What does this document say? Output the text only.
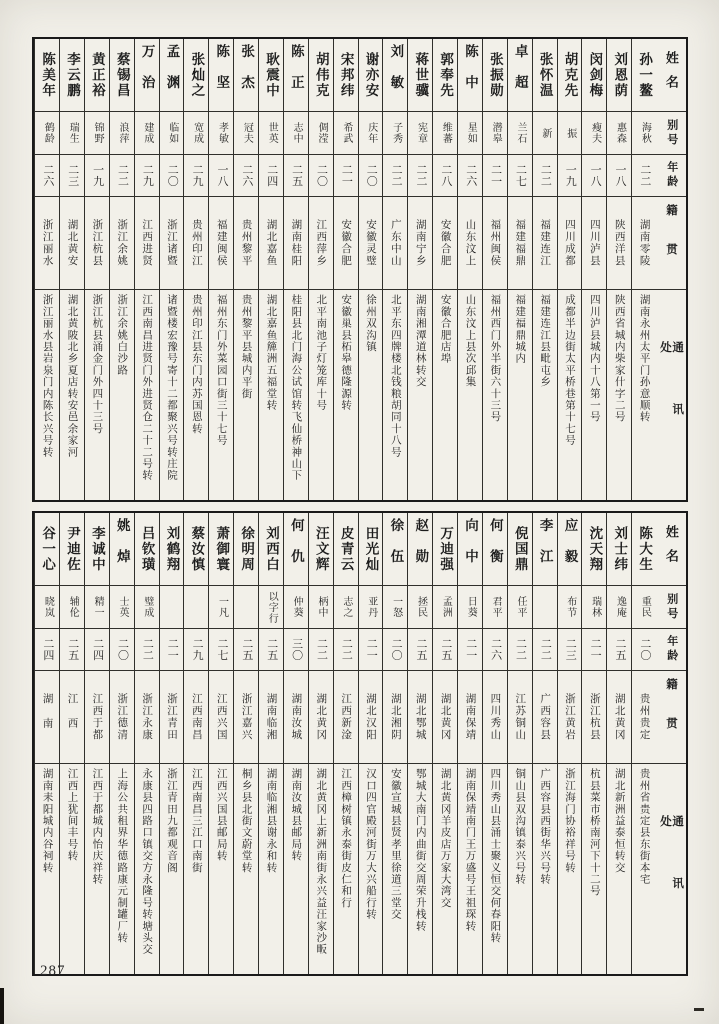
姓名
别号
年龄
籍贯
通讯处
孙一鳌
海秋
二二
湖南零陵
湖南永州太平门孙意顺转
刘恩荫
惠森
一八
陕西洋县
陕西省城内柴家什字二号
闵剑梅
瘦夫
一八
四川泸县
四川泸县城内十八第一号
胡克先
振
一九
四川成都
成都半边街太平桥巷第十七号
张怀温
新
二二
福建连江
福建连江县毗屯乡
卓超
兰石
二七
福建福鼎
福建福鼎城内
张振勋
潜皋
二一
福州闽侯
福州西门外半街六十三号
陈中
星如
二六
山东汶上
山东汶上县次邱集
郭奉先
维蕃
二八
安徽合肥
安徽合肥店埠
蒋世骥
宪章
二二
湖南宁乡
湖南湘潭道林转交
刘敏
子秀
二二
广东中山
北平东四牌楼北钱粮胡同十八号
谢亦安
庆年
二〇
安徽灵璧
徐州双沟镇
宋邦纬
希武
二一
安徽合肥
安徽巢县柘皋德隆源转
胡伟克
倜滢
二〇
江西萍乡
北平南池子灯笼库十号
陈正
志中
二五
湖南桂阳
桂阳县北门海公试馆转飞仙桥神山下
耿震中
世英
二四
湖北嘉鱼
湖北嘉鱼簰洲五福堂转
张杰
冠夫
二六
贵州黎平
贵州黎平县城内平街
陈坚
孝敏
一八
福建闽侯
福州东门外菜园口街三十七号
张灿之
宽成
二九
贵州印江
贵州印江县东门内苏国恩转
孟渊
临如
二〇
浙江诸暨
诸暨楼宏豫号寄十二都聚兴号转庄院
万治
建成
二九
江西进贤
江西南昌进贤门外进贤仓二十二号转
蔡锡昌
浪萍
二二
浙江余姚
浙江余姚白沙路
黄正裕
锦野
一九
浙江杭县
浙江杭县涌金门外四十三号
李云鹏
瑞生
二三
湖北黄安
湖北黄陂北乡夏店转安邑余家河
陈美年
鹤龄
二六
浙江丽水
浙江丽水县岩泉门内陈长兴号转
姓名
别号
年龄
籍贯
通讯处
陈大生
重民
二〇
贵州贵定
贵州省贵定县东街本宅
刘士纬
逸庵
二五
湖北黄冈
湖北新洲益泰恒转交
沈天翔
瑞林
二一
浙江杭县
杭县菜市桥南河下十二号
应毅
布节
二三
浙江黄岩
浙江海门协裕祥号转
李江
二二
广西容县
广西容县西街华兴号转
倪国鼎
任平
二二
江苏铜山
铜山县双沟镇泰兴号转
何衡
君平
二六
四川秀山
四川秀山县涌士聚义恒交何春阳转
向中
日葵
二一
湖南保靖
湖南保靖南门王万盛号王祖琛转
万迪强
孟洲
二五
湖北黄冈
湖北黄冈羊皮店万家大湾交
赵勋
拯民
二五
湖北鄂城
鄂城大南门内曲街交周荣升栈转
徐伍
一怒
二〇
湖北湘阴
安徽宣城县贤孝里徐道三堂交
田光灿
亚丹
二一
湖北汉阳
汉口四官殿河街万大兴船行转
皮青云
志之
二二
江西新淦
江西樟树镇永泰街皮仁和行
汪文辉
柄中
二二
湖北黄冈
湖北黄冈上新洲南街永兴益汪家沙畈
何仇
仲葵
三〇
湖南汝城
湖南汝城县邮局转
刘西白
以字行
二五
湖南临湘
湖南临湘县谢永和转
徐明周
二五
浙江嘉兴
桐乡县北街文蔚堂转
萧御寰
一凡
二七
江西兴国
江西兴国县邮局转
蔡汝慎
二九
江西南昌
江西南昌三江口南街
刘鹤翔
二一
浙江青田
浙江青田九都观音阁
吕钦璜
璧成
二二
浙江永康
永康县四路口镇交方永隆号转塘头交
姚焯
士英
二〇
浙江德清
上海公共租界华德路康元制罐厂转
李诚中
精一
二四
江西于都
江西于都城内怡庆祥转
尹迪佐
辅伦
二五
江西
江西上犹间丰号转
谷一心
晓岚
二四
湖南
湖南耒阳城内谷祠转
287
